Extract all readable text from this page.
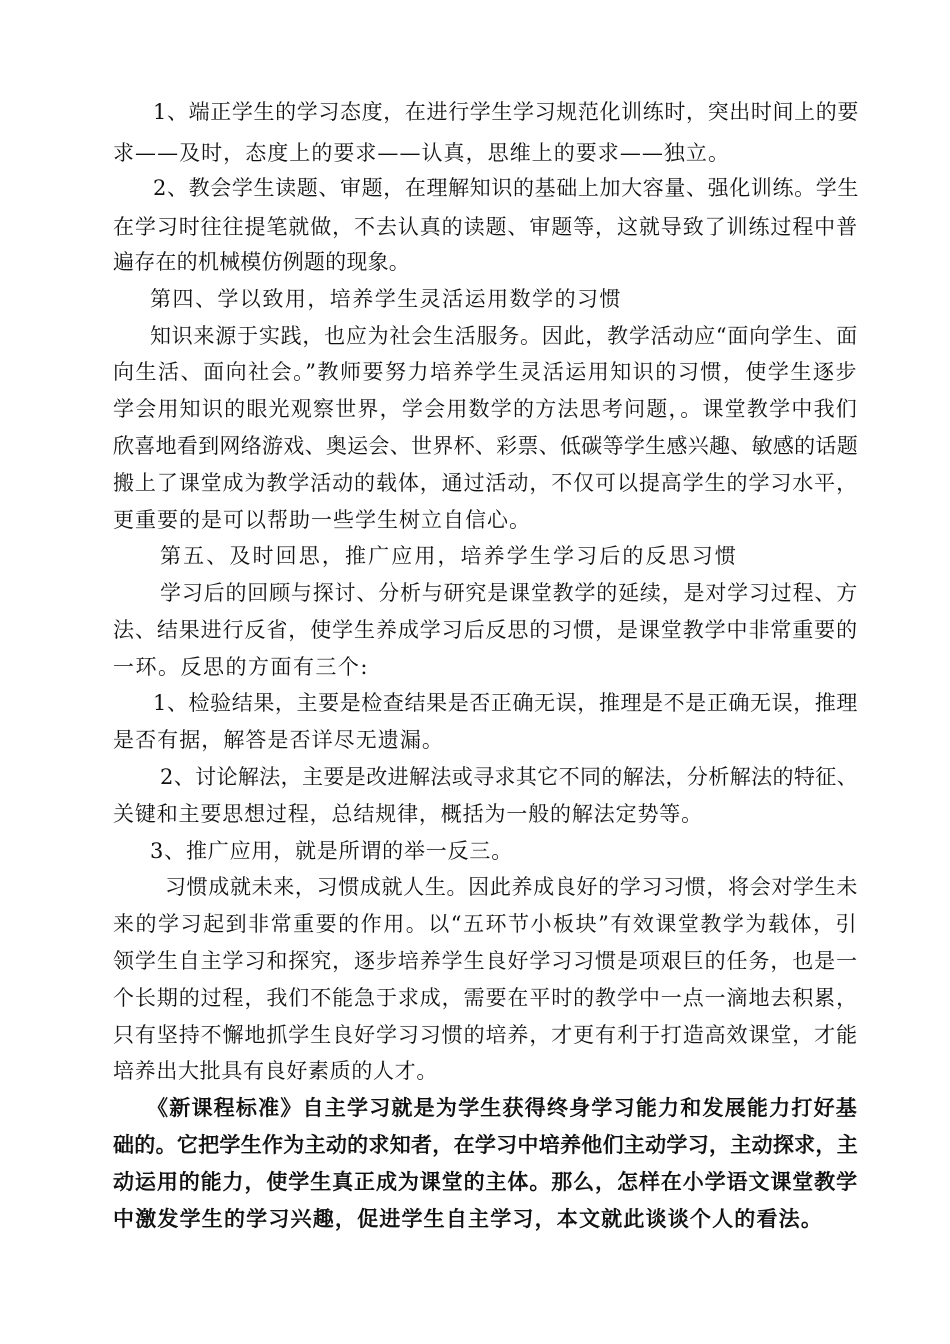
1、端正学生的学习态度，在进行学生学习规范化训练时，突出时间上的要

求——及时，态度上的要求——认真，思维上的要求——独立。

2、教会学生读题、审题，在理解知识的基础上加大容量、强化训练。学生

在学习时往往提笔就做，不去认真的读题、审题等，这就导致了训练过程中普

遍存在的机械模仿例题的现象。

第四、学以致用，培养学生灵活运用数学的习惯

知识来源于实践，也应为社会生活服务。因此，教学活动应“面向学生、面

向生活、面向社会。”教师要努力培养学生灵活运用知识的习惯，使学生逐步

学会用知识的眼光观察世界，学会用数学的方法思考问题，。课堂教学中我们

欣喜地看到网络游戏、奥运会、世界杯、彩票、低碳等学生感兴趣、敏感的话题

搬上了课堂成为教学活动的载体，通过活动，不仅可以提高学生的学习水平，

更重要的是可以帮助一些学生树立自信心。

第五、及时回思，推广应用，培养学生学习后的反思习惯

学习后的回顾与探讨、分析与研究是课堂教学的延续，是对学习过程、方

法、结果进行反省，使学生养成学习后反思的习惯，是课堂教学中非常重要的

一环。反思的方面有三个:

1、检验结果，主要是检查结果是否正确无误，推理是不是正确无误，推理

是否有据，解答是否详尽无遗漏。

2、讨论解法，主要是改进解法或寻求其它不同的解法，分析解法的特征、

关键和主要思想过程，总结规律，概括为一般的解法定势等。

3、推广应用，就是所谓的举一反三。

习惯成就未来，习惯成就人生。因此养成良好的学习习惯，将会对学生未

来的学习起到非常重要的作用。以“五环节小板块”有效课堂教学为载体，引

领学生自主学习和探究，逐步培养学生良好学习习惯是项艰巨的任务，也是一

个长期的过程，我们不能急于求成，需要在平时的教学中一点一滴地去积累，

只有坚持不懈地抓学生良好学习习惯的培养，才更有利于打造高效课堂，才能

培养出大批具有良好素质的人才。

《新课程标准》自主学习就是为学生获得终身学习能力和发展能力打好基

础的。它把学生作为主动的求知者，在学习中培养他们主动学习，主动探求，主

动运用的能力，使学生真正成为课堂的主体。那么，怎样在小学语文课堂教学

中激发学生的学习兴趣，促进学生自主学习，本文就此谈谈个人的看法。
